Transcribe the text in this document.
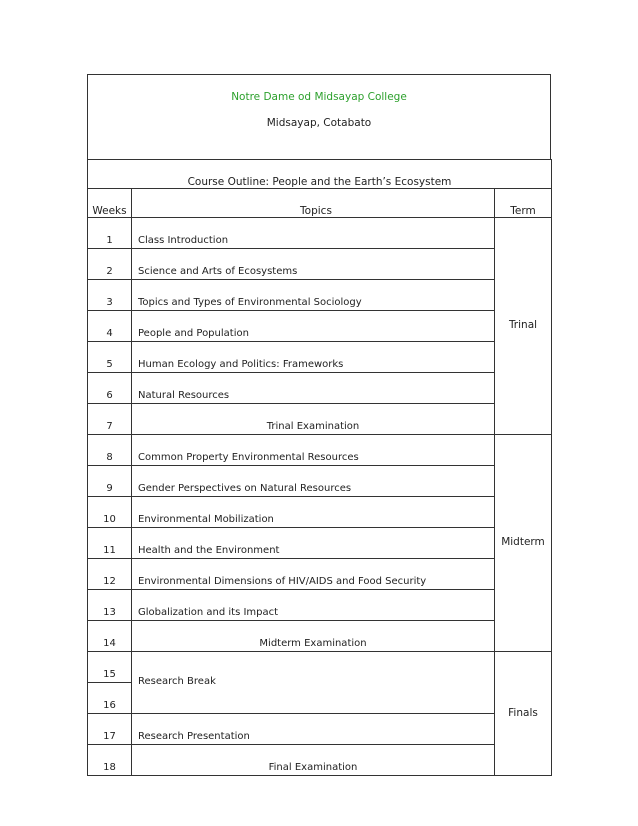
Notre Dame od Midsayap College
Midsayap, Cotabato
Course Outline: People and the Earth’s Ecosystem		
Weeks	Topics	Term
1	Class Introduction	Trinal
2	Science and Arts of Ecosystems	
3	Topics and Types of Environmental Sociology	
4	People and Population	
5	Human Ecology and Politics: Frameworks	
6	Natural Resources	
7	Trinal Examination	
8	Common Property Environmental Resources	Midterm
9	Gender Perspectives on Natural Resources	
10	Environmental Mobilization	
11	Health and the Environment	
12	Environmental Dimensions of HIV/AIDS and Food Security	
13	Globalization and its Impact	
14	Midterm Examination	
15	Research Break	Finals
16		
17	Research Presentation	
18	Final Examination	
